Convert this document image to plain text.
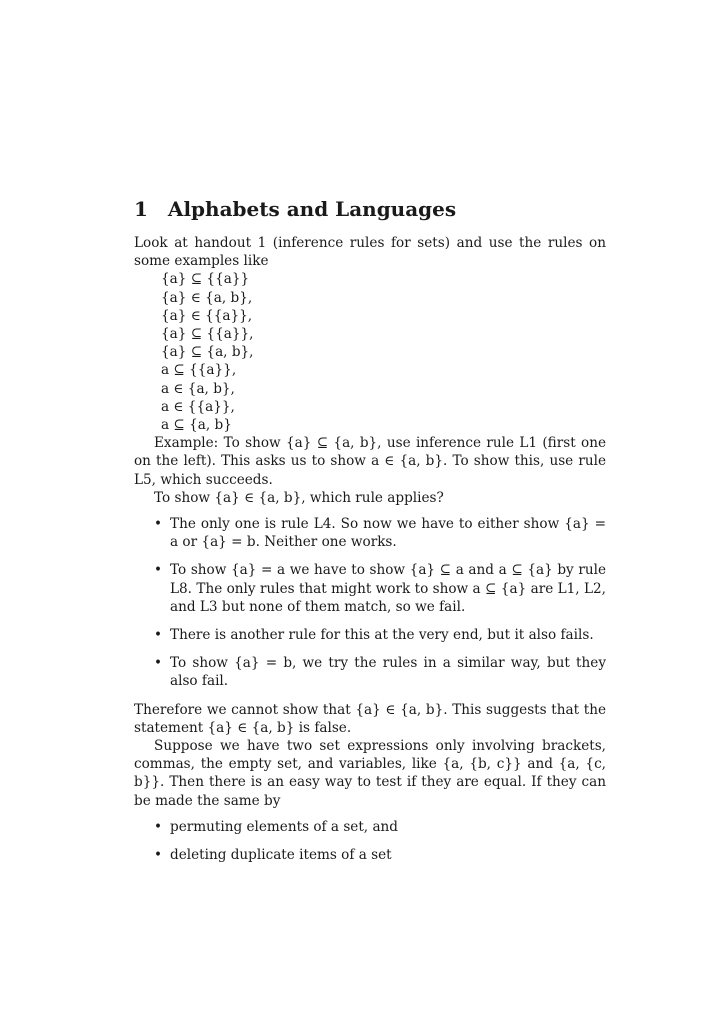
1 Alphabets and Languages

Look at handout 1 (inference rules for sets) and use the rules on some examples like

{a} ⊆ {{a}}
{a} ∈ {a, b},
{a} ∈ {{a}},
{a} ⊆ {{a}},
{a} ⊆ {a, b},
a ⊆ {{a}},
a ∈ {a, b},
a ∈ {{a}},
a ⊆ {a, b}

Example: To show {a} ⊆ {a, b}, use inference rule L1 (first one on the left). This asks us to show a ∈ {a, b}. To show this, use rule L5, which succeeds.

To show {a} ∈ {a, b}, which rule applies?

• The only one is rule L4. So now we have to either show {a} = a or {a} = b. Neither one works.
• To show {a} = a we have to show {a} ⊆ a and a ⊆ {a} by rule L8. The only rules that might work to show a ⊆ {a} are L1, L2, and L3 but none of them match, so we fail.
• There is another rule for this at the very end, but it also fails.
• To show {a} = b, we try the rules in a similar way, but they also fail.

Therefore we cannot show that {a} ∈ {a, b}. This suggests that the statement {a} ∈ {a, b} is false.

Suppose we have two set expressions only involving brackets, commas, the empty set, and variables, like {a, {b, c}} and {a, {c, b}}. Then there is an easy way to test if they are equal. If they can be made the same by

• permuting elements of a set, and
• deleting duplicate items of a set
